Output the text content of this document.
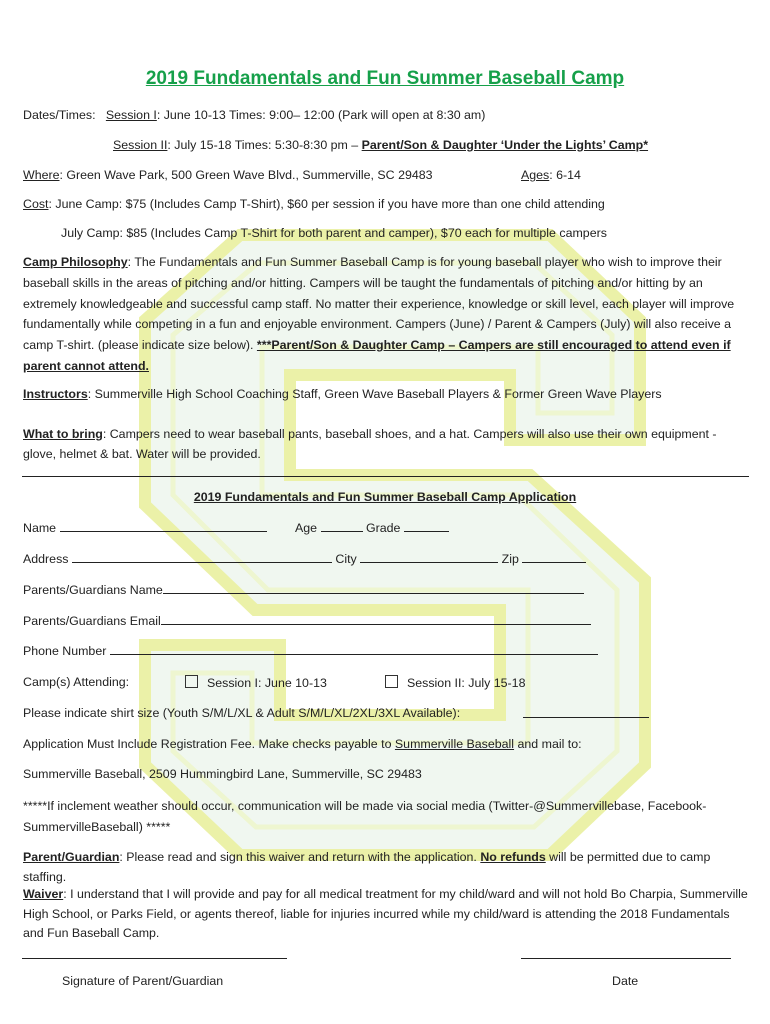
2019 Fundamentals and Fun Summer Baseball Camp
Dates/Times:   Session I: June 10-13 Times: 9:00– 12:00 (Park will open at 8:30 am)
Session II: July 15-18 Times: 5:30-8:30 pm – Parent/Son & Daughter ‘Under the Lights’ Camp*
Where: Green Wave Park, 500 Green Wave Blvd., Summerville, SC 29483	Ages: 6-14
Cost: June Camp: $75 (Includes Camp T-Shirt), $60 per session if you have more than one child attending
July Camp: $85 (Includes Camp T-Shirt for both parent and camper), $70 each for multiple campers
Camp Philosophy: The Fundamentals and Fun Summer Baseball Camp is for young baseball player who wish to improve their baseball skills in the areas of pitching and/or hitting. Campers will be taught the fundamentals of pitching and/or hitting by an extremely knowledgeable and successful camp staff. No matter their experience, knowledge or skill level, each player will improve fundamentally while competing in a fun and enjoyable environment. Campers (June) / Parent & Campers (July) will also receive a camp T-shirt. (please indicate size below). ***Parent/Son & Daughter Camp – Campers are still encouraged to attend even if parent cannot attend.
Instructors: Summerville High School Coaching Staff, Green Wave Baseball Players & Former Green Wave Players
What to bring: Campers need to wear baseball pants, baseball shoes, and a hat. Campers will also use their own equipment - glove, helmet & bat. Water will be provided.
2019 Fundamentals and Fun Summer Baseball Camp Application
Name	Age	Grade
Address	City	Zip
Parents/Guardians Name
Parents/Guardians Email
Phone Number
Camp(s) Attending:	Session I: June 10-13	Session II: July 15-18
Please indicate shirt size (Youth S/M/L/XL & Adult S/M/L/XL/2XL/3XL Available):
Application Must Include Registration Fee. Make checks payable to Summerville Baseball and mail to:
Summerville Baseball, 2509 Hummingbird Lane, Summerville, SC 29483
*****If inclement weather should occur, communication will be made via social media (Twitter-@Summervillebase, Facebook-SummervilleBaseball) *****
Parent/Guardian: Please read and sign this waiver and return with the application. No refunds will be permitted due to camp staffing.
Waiver: I understand that I will provide and pay for all medical treatment for my child/ward and will not hold Bo Charpia, Summerville High School, or Parks Field, or agents thereof, liable for injuries incurred while my child/ward is attending the 2018 Fundamentals and Fun Baseball Camp.
Signature of Parent/Guardian	Date
